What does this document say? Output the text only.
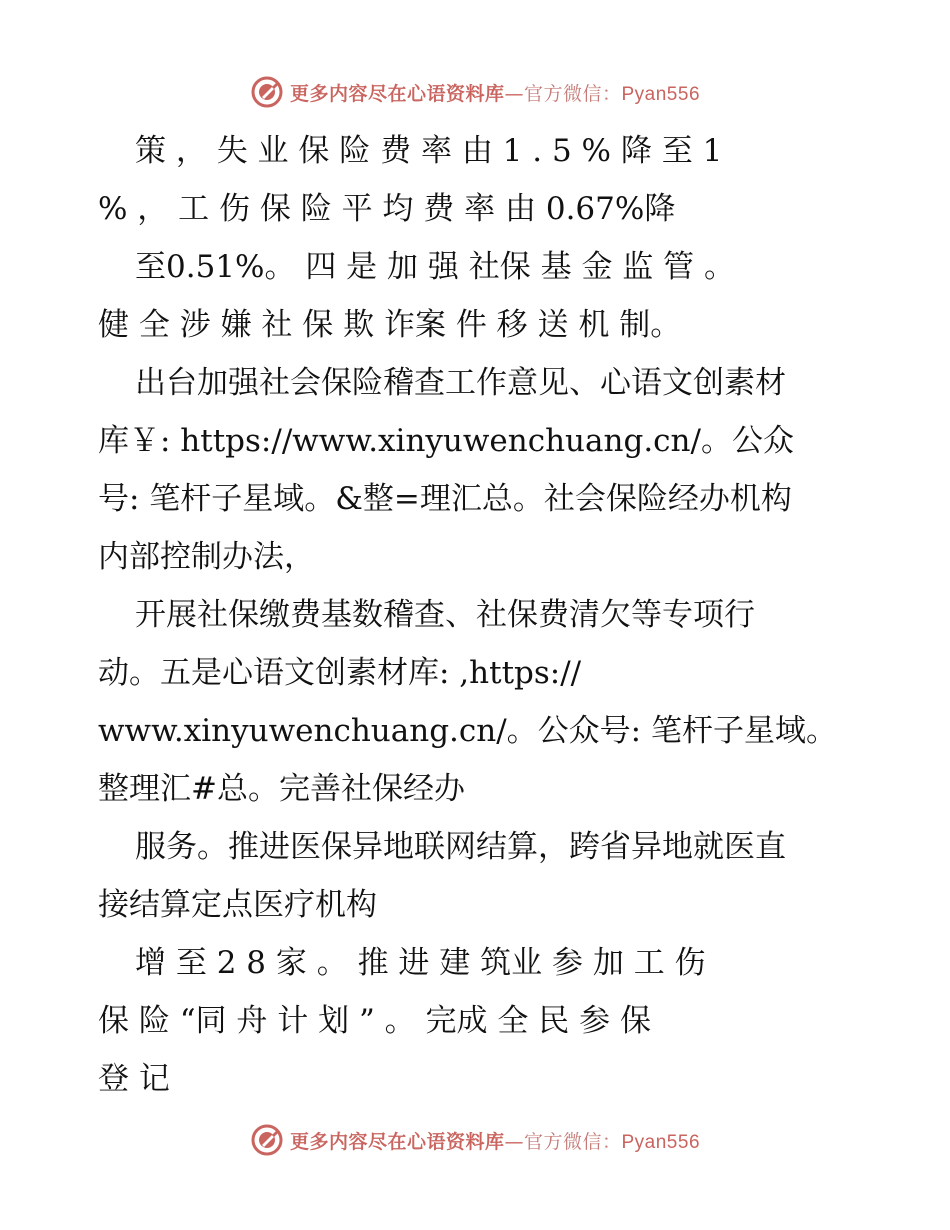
更多内容尽在心语资料库—官方微信：Pyan556
策 ， 失 业 保 险 费 率 由 1 . 5 % 降 至 1
% ， 工 伤 保 险 平 均 费 率 由 0.67%降
至0.51%。 四 是 加 强 社保 基 金 监 管 。
健 全 涉 嫌 社 保 欺 诈案 件 移 送 机 制。
出台加强社会保险稽查工作意见、心语文创素材
库￥: https://www.xinyuwenchuang.cn/。公众
号: 笔杆子星域。&整=理汇总。社会保险经办机构
内部控制办法，
开展社保缴费基数稽查、社保费清欠等专项行
动。五是心语文创素材库: ,https://
www.xinyuwenchuang.cn/。公众号: 笔杆子星域。
整理汇#总。完善社保经办
服务。推进医保异地联网结算，跨省异地就医直
接结算定点医疗机构
增 至 2 8 家 。 推 进 建 筑业 参 加 工 伤
保 险 “同 舟 计 划 ” 。 完成 全 民 参 保
登 记
更多内容尽在心语资料库—官方微信：Pyan556
